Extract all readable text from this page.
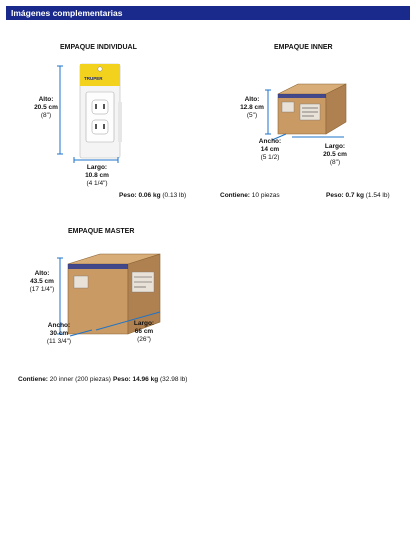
Imágenes complementarias
EMPAQUE INDIVIDUAL
TRUPER
Alto:
20.5 cm
(8")
Largo:
10.8 cm
(4 1/4")
Peso: 0.06 kg (0.13 lb)
EMPAQUE INNER
Alto:
12.8 cm
(5")
Ancho:
14 cm
(5 1/2)
Largo:
20.5 cm
(8")
Contiene: 10 piezas	Peso: 0.7 kg (1.54 lb)
EMPAQUE MASTER
Alto:
43.5 cm
(17 1/4")
Ancho:
30 cm
(11 3/4")
Largo:
66 cm
(26")
Contiene: 20 inner (200 piezas) Peso: 14.96 kg (32.98 lb)
